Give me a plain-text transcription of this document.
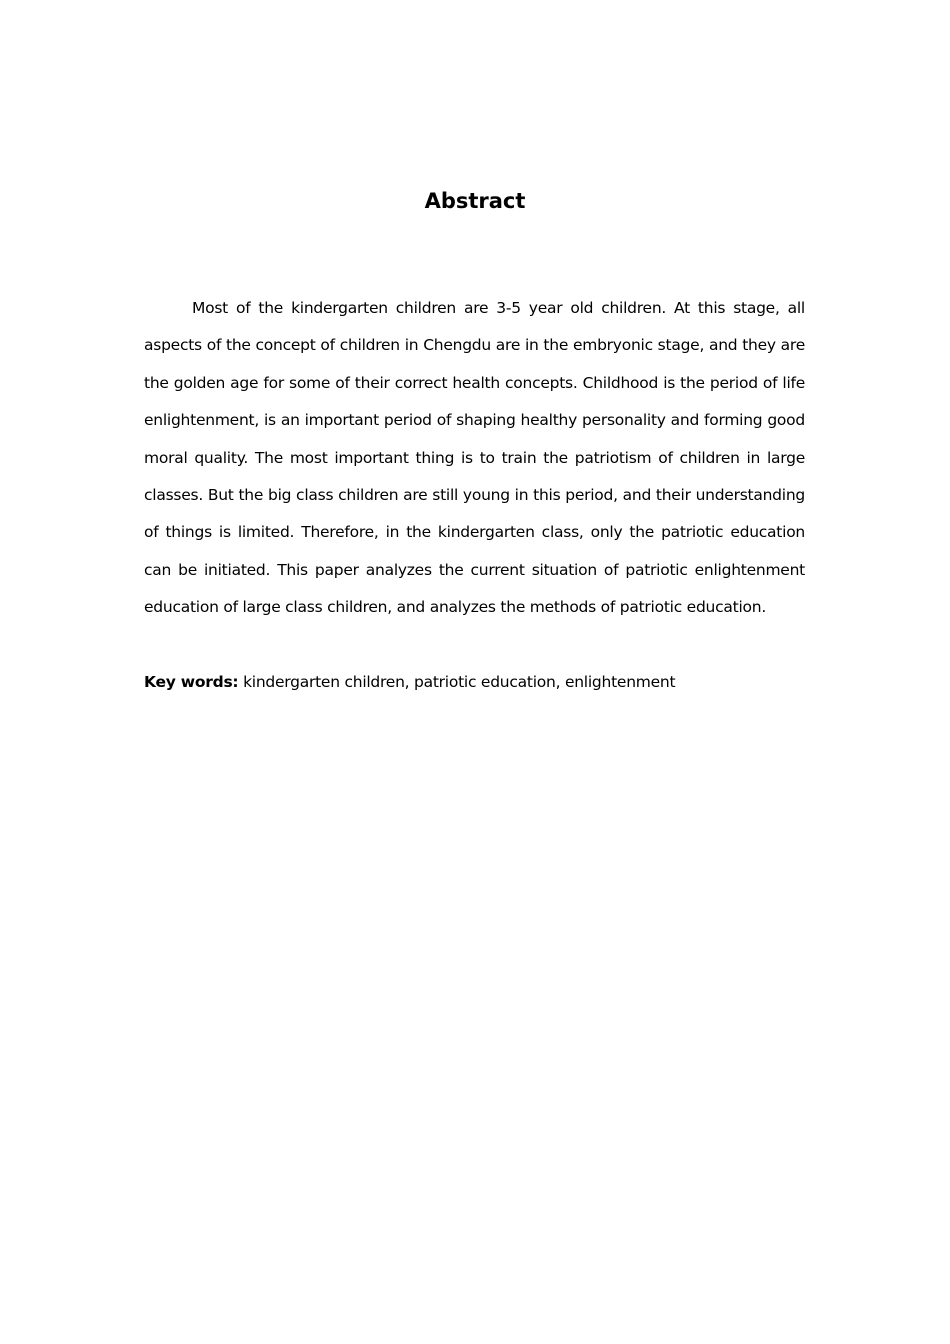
Abstract

Most of the kindergarten children are 3-5 year old children. At this stage, all aspects of the concept of children in Chengdu are in the embryonic stage, and they are the golden age for some of their correct health concepts. Childhood is the period of life enlightenment, is an important period of shaping healthy personality and forming good moral quality. The most important thing is to train the patriotism of children in large classes. But the big class children are still young in this period, and their understanding of things is limited. Therefore, in the kindergarten class, only the patriotic education can be initiated. This paper analyzes the current situation of patriotic enlightenment education of large class children, and analyzes the methods of patriotic education.

Key words: kindergarten children, patriotic education, enlightenment
